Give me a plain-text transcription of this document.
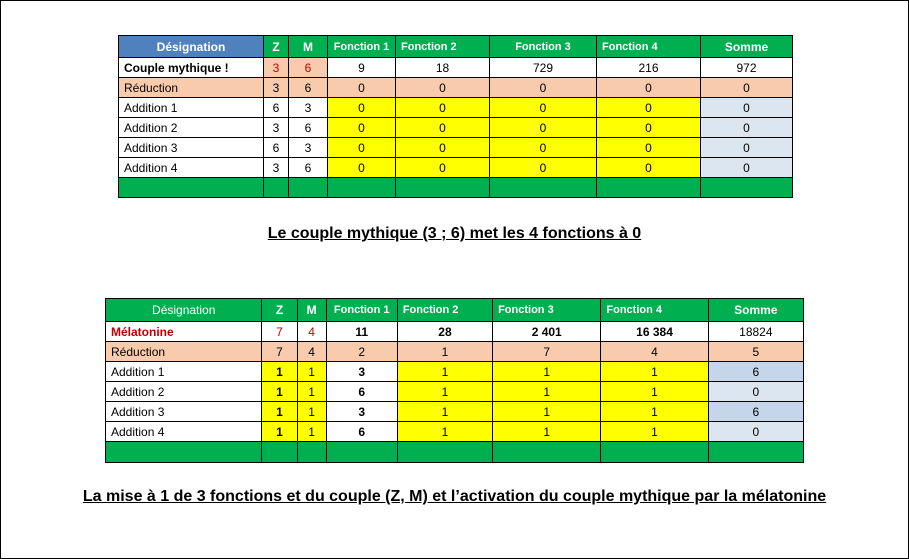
Désignation	Z	M	Fonction 1	Fonction 2	Fonction 3	Fonction 4	Somme
Couple mythique !	3	6	9	18	729	216	972
Réduction	3	6	0	0	0	0	0
Addition 1	6	3	0	0	0	0	0
Addition 2	3	6	0	0	0	0	0
Addition 3	6	3	0	0	0	0	0
Addition 4	3	6	0	0	0	0	0

Le couple mythique (3 ; 6) met les 4 fonctions à 0
Désignation	Z	M	Fonction 1	Fonction 2	Fonction 3	Fonction 4	Somme
Mélatonine	7	4	11	28	2 401	16 384	18824
Réduction	7	4	2	1	7	4	5
Addition 1	1	1	3	1	1	1	6
Addition 2	1	1	6	1	1	1	0
Addition 3	1	1	3	1	1	1	6
Addition 4	1	1	6	1	1	1	0

La mise à 1 de 3 fonctions et du couple (Z, M) et l’activation du couple mythique par la mélatonine
